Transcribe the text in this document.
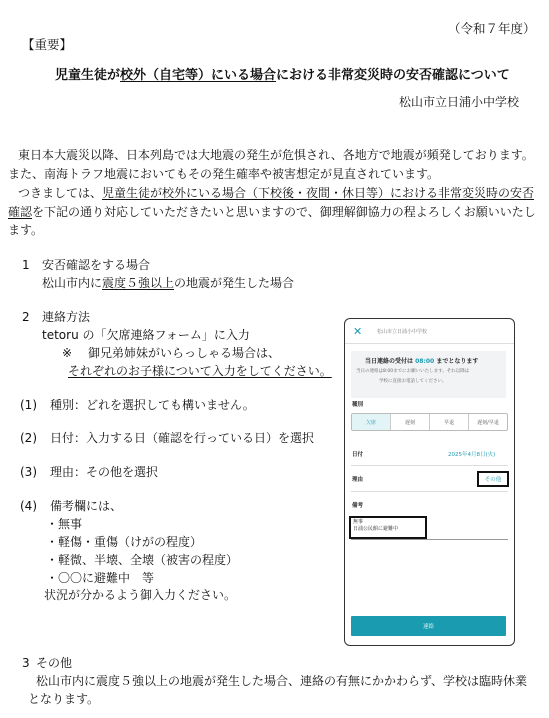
（令和７年度）
【重要】
児童生徒が校外（自宅等）にいる場合における非常変災時の安否確認について
松山市立日浦小中学校
東日本大震災以降、日本列島では大地震の発生が危惧され、各地方で地震が頻発しております。
また、南海トラフ地震においてもその発生確率や被害想定が見直されています。
つきましては、児童生徒が校外にいる場合（下校後・夜間・休日等）における非常変災時の安否
確認を下記の通り対応していただきたいと思いますので、御理解御協力の程よろしくお願いいたし
ます。
1 安否確認をする場合
松山市内に震度５強以上の地震が発生した場合
2 連絡方法
tetoru の「欠席連絡フォーム」に入力
※ 御兄弟姉妹がいらっしゃる場合は、
それぞれのお子様について入力をしてください。
(1) 種別：どれを選択しても構いません。
(2) 日付：入力する日（確認を行っている日）を選択
(3) 理由：その他を選択
(4) 備考欄には、
・無事
・軽傷・重傷（けがの程度）
・軽微、半壊、全壊（被害の程度）
・〇〇に避難中　等
状況が分かるよう御入力ください。
3 その他
松山市内に震度５強以上の地震が発生した場合、連絡の有無にかかわらず、学校は臨時休業
となります。
✕	松山市立日浦小中学校
当日連絡の受付は 08:00 までとなります
当日の連絡は8:00までにお願いいたします。それ以降は
学校に直接お電話してください。
種別
欠席	遅刻	早退	遅刻/早退
日付	2025年4月8日(火)
理由	その他
備考
無事
日浦公民館に避難中
連絡
